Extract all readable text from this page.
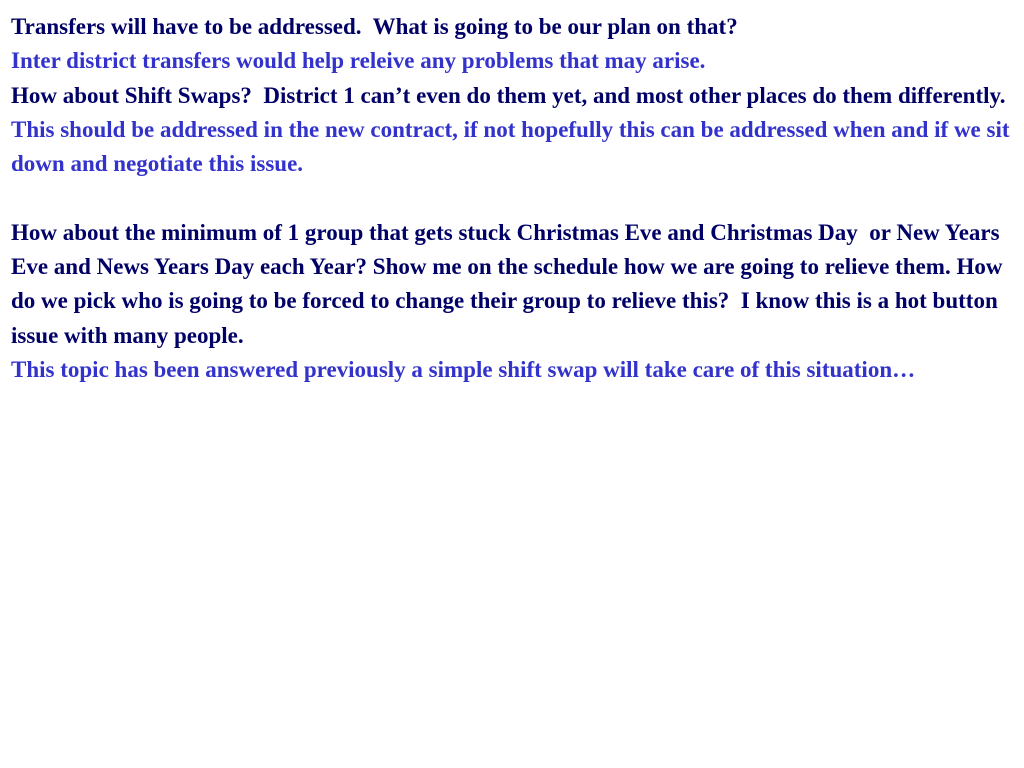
Transfers will have to be addressed.  What is going to be our plan on that?

Inter district transfers would help releive any problems that may arise.

How about Shift Swaps?  District 1 can’t even do them yet, and most other places do them differently.

This should be addressed in the new contract, if not hopefully this can be addressed when and if we sit down and negotiate this issue.

How about the minimum of 1 group that gets stuck Christmas Eve and Christmas Day  or New Years Eve and News Years Day each Year? Show me on the schedule how we are going to relieve them. How do we pick who is going to be forced to change their group to relieve this?  I know this is a hot button issue with many people.

This topic has been answered previously a simple shift swap will take care of this situation…
